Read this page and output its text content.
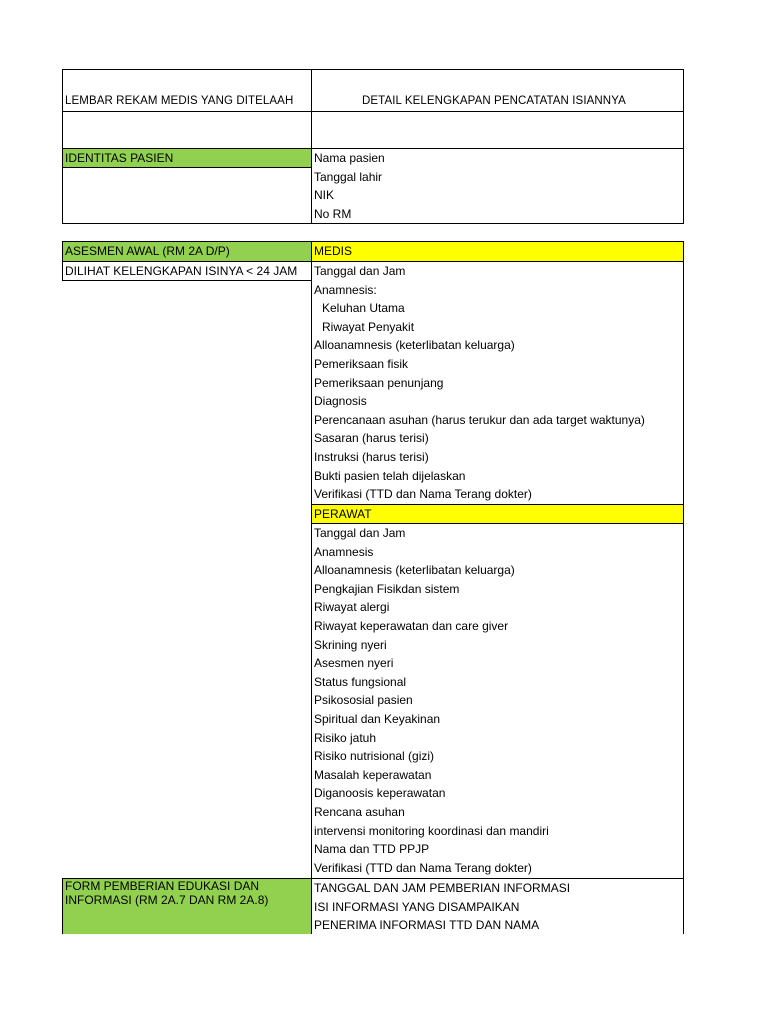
LEMBAR REKAM MEDIS YANG DITELAAH	DETAIL KELENGKAPAN PENCATATAN ISIANNYA
IDENTITAS PASIEN	Nama pasien
Tanggal lahir
NIK
No RM
ASESMEN AWAL (RM 2A D/P)
DILIHAT KELENGKAPAN ISINYA < 24 JAM
MEDIS
Tanggal dan Jam
Anamnesis:
Keluhan Utama
Riwayat Penyakit
Alloanamnesis (keterlibatan keluarga)
Pemeriksaan fisik
Pemeriksaan penunjang
Diagnosis
Perencanaan asuhan (harus terukur dan ada target waktunya)
Sasaran (harus terisi)
Instruksi (harus terisi)
Bukti pasien telah dijelaskan
Verifikasi (TTD dan Nama Terang dokter)
PERAWAT
Tanggal dan Jam
Anamnesis
Alloanamnesis (keterlibatan keluarga)
Pengkajian Fisikdan sistem
Riwayat alergi
Riwayat keperawatan dan care giver
Skrining nyeri
Asesmen nyeri
Status fungsional
Psikososial pasien
Spiritual dan Keyakinan
Risiko jatuh
Risiko nutrisional (gizi)
Masalah keperawatan
Diganoosis keperawatan
Rencana asuhan
intervensi monitoring koordinasi dan mandiri
Nama dan TTD PPJP
Verifikasi (TTD dan Nama Terang dokter)
FORM PEMBERIAN EDUKASI DAN INFORMASI (RM 2A.7 DAN RM 2A.8)
TANGGAL DAN JAM PEMBERIAN INFORMASI
ISI INFORMASI YANG DISAMPAIKAN
PENERIMA INFORMASI TTD DAN NAMA
